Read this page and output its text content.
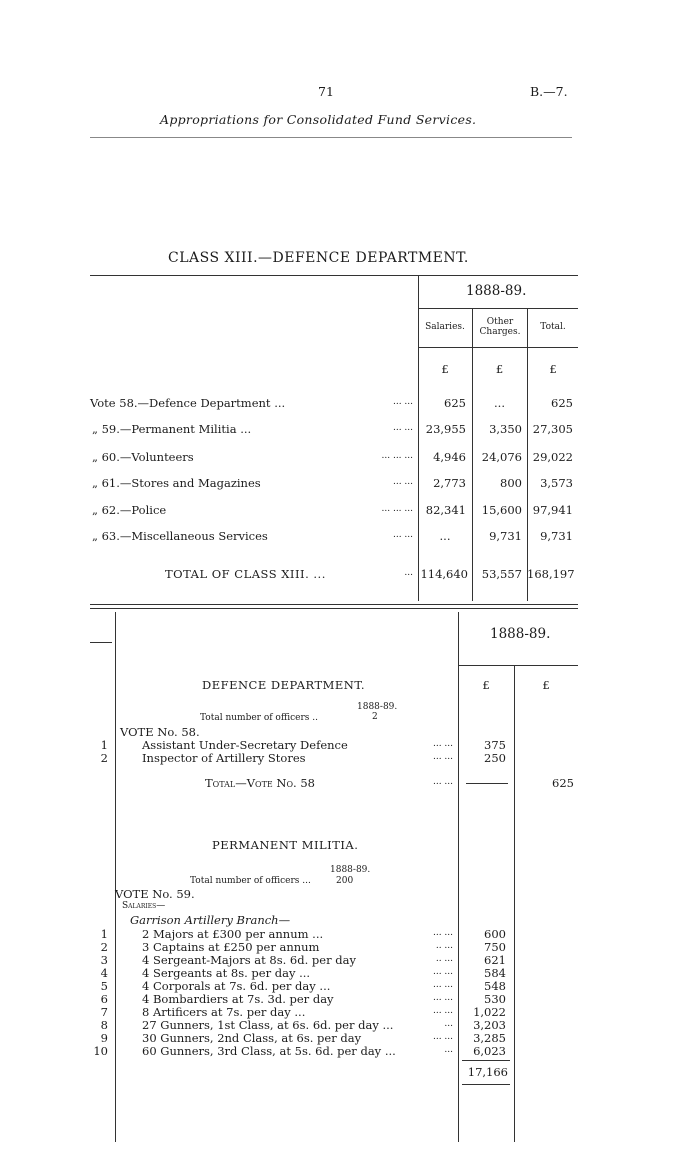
71	B.—7.
Appropriations for Consolidated Fund Services.
CLASS XIII.—DEFENCE DEPARTMENT.
1888-89.
Salaries.	Other Charges.	Total.
£	£	£
Vote 58.—Defence Department ...	... ...	625	...	625
„ 59.—Permanent Militia ...	... ...	23,955	3,350 27,305
„ 60.—Volunteers	... ... ...	4,946	24,076 29,022
„ 61.—Stores and Magazines	... ...	2,773	800	3,573
„ 62.—Police	... ... ...	82,341	15,600 97,941
„ 63.—Miscellaneous Services	... ...	...	9,731	9,731
TOTAL OF CLASS XIII. ...	... 114,640	53,557 168,197
1888-89.
£	£
DEFENCE DEPARTMENT.
1888-89.
Total number of officers ..	2
VOTE No. 58.
1	Assistant Under-Secretary Defence	... ...	375
2	Inspector of Artillery Stores	... ...	250
Total—Vote No. 58	... ...	625
PERMANENT MILITIA.
1888-89.
Total number of officers ...	200
VOTE No. 59.
Salaries—
Garrison Artillery Branch—
1	2 Majors at £300 per annum ...	... ...	600
2	3 Captains at £250 per annum	.. ...	750
3	4 Sergeant-Majors at 8s. 6d. per day	.. ...	621
4	4 Sergeants at 8s. per day ...	... ...	584
5	4 Corporals at 7s. 6d. per day ...	... ...	548
6	4 Bombardiers at 7s. 3d. per day	... ...	530
7	8 Artificers at 7s. per day ...	... ...	1,022
8	27 Gunners, 1st Class, at 6s. 6d. per day ...	...	3,203
9	30 Gunners, 2nd Class, at 6s. per day	... ...	3,285
10	60 Gunners, 3rd Class, at 5s. 6d. per day ...	...	6,023
17,166
